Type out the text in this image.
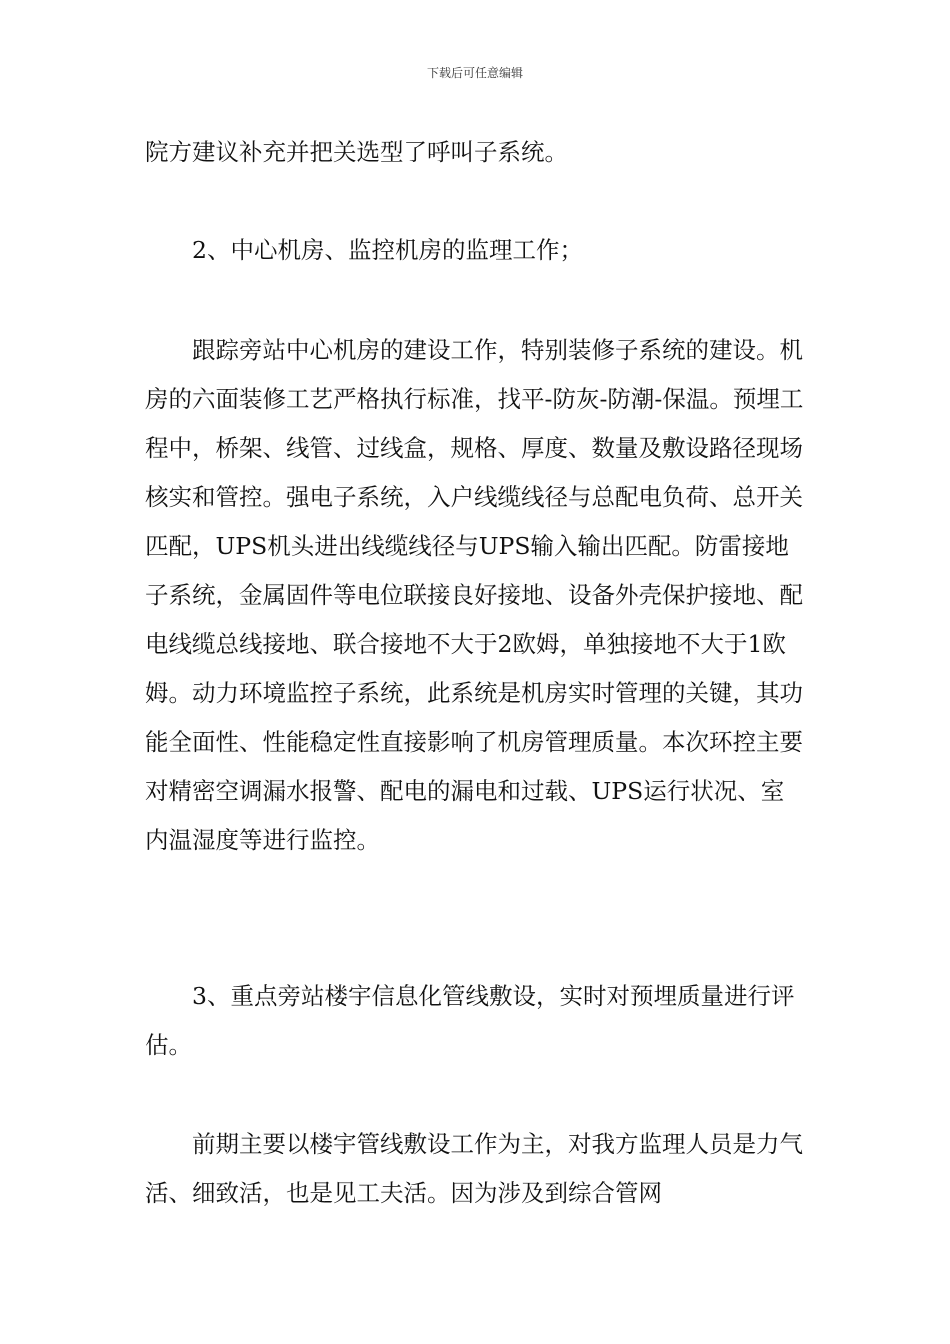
下载后可任意编辑

院方建议补充并把关选型了呼叫子系统。

2、中心机房、监控机房的监理工作；

跟踪旁站中心机房的建设工作，特别装修子系统的建设。机房的六面装修工艺严格执行标准，找平-防灰-防潮-保温。预埋工程中，桥架、线管、过线盒，规格、厚度、数量及敷设路径现场核实和管控。强电子系统，入户线缆线径与总配电负荷、总开关匹配，UPS机头进出线缆线径与UPS输入输出匹配。防雷接地子系统，金属固件等电位联接良好接地、设备外壳保护接地、配电线缆总线接地、联合接地不大于2欧姆，单独接地不大于1欧姆。动力环境监控子系统，此系统是机房实时管理的关键，其功能全面性、性能稳定性直接影响了机房管理质量。本次环控主要对精密空调漏水报警、配电的漏电和过载、UPS运行状况、室内温湿度等进行监控。

3、重点旁站楼宇信息化管线敷设，实时对预埋质量进行评估。

前期主要以楼宇管线敷设工作为主，对我方监理人员是力气活、细致活，也是见工夫活。因为涉及到综合管网
